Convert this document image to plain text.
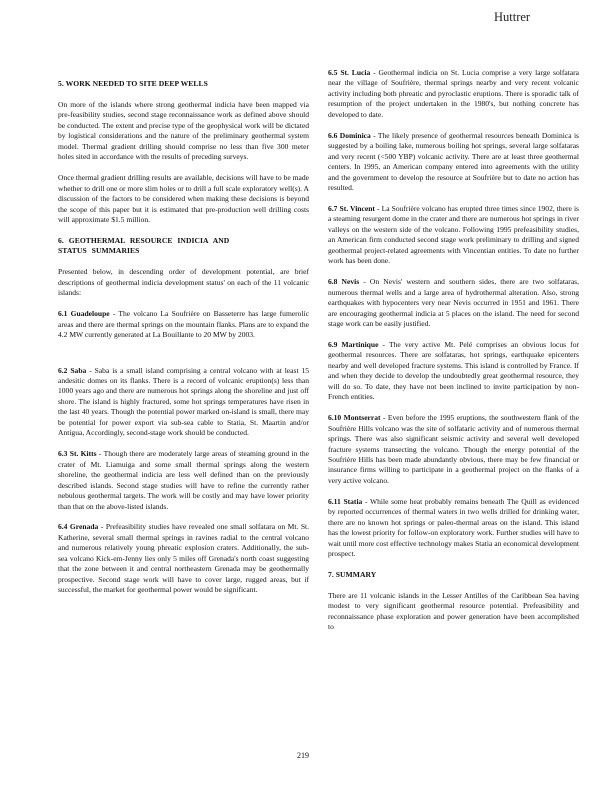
Huttrer
5. WORK NEEDED TO SITE DEEP WELLS

On more of the islands where strong geothermal indicia have been mapped via pre-feasibility studies, second stage reconnaissance work as defined above should be conducted. The extent and precise type of the geophysical work will be dictated by logistical considerations and the nature of the preliminary geothermal system model. Thermal gradient drilling should comprise no less than five 300 meter holes sited in accordance with the results of preceding surveys.

Once thermal gradient drilling results are available, decisions will have to be made whether to drill one or more slim holes or to drill a full scale exploratory well(s). A discussion of the factors to be considered when making these decisions is beyond the scope of this paper but it is estimated that pre-production well drilling costs will approximate $1.5 million.

6. GEOTHERMAL RESOURCE INDICIA AND
STATUS SUMMARIES

Presented below, in descending order of development potential, are brief descriptions of geothermal indicia development status' on each of the 11 volcanic islands:

6.1 Guadeloupe - The volcano La Soufrière on Basseterre has large fumerolic areas and there are thermal springs on the mountain flanks. Plans are to expand the 4.2 MW currently generated at La Bouillante to 20 MW by 2003.

6.2 Saba - Saba is a small island comprising a central volcano with at least 15 andesitic domes on its flanks. There is a record of volcanic eruption(s) less than 1000 years ago and there are numerous hot springs along the shoreline and just off shore. The island is highly fractured, some hot springs temperatures have risen in the last 40 years. Though the potential power marked on-island is small, there may be potential for power export via sub-sea cable to Statia, St. Maartin and/or Antigua, Accordingly, second-stage work should be conducted.

6.3 St. Kitts - Though there are moderately large areas of steaming ground in the crater of Mt. Liamuiga and some small thermal springs along the western shoreline, the geothermal indicia are less well defined than on the previously described islands. Second stage studies will have to refine the currently rather nebulous geothermal targets. The work will be costly and may have lower priority than that on the above-listed islands.

6.4 Grenada - Prefeasibility studies have revealed one small solfatara on Mt. St. Katherine, several small thermal springs in ravines radial to the central volcano and numerous relatively young phreatic explosion craters. Additionally, the sub-sea volcano Kick-em-Jenny lies only 5 miles off Grenada's north coast suggesting that the zone between it and central northeastern Grenada may be geothermally prospective. Second stage work will have to cover large, rugged areas, but if successful, the market for geothermal power would be significant.

6.5 St. Lucia - Geothermal indicia on St. Lucia comprise a very large solfatara near the village of Soufrière, thermal springs nearby and very recent volcanic activity including both phreatic and pyroclastic eruptions. There is sporadic talk of resumption of the project undertaken in the 1980's, but nothing concrete has developed to date.

6.6 Dominica - The likely presence of geothermal resources beneath Dominica is suggested by a boiling lake, numerous boiling hot springs, several large solfataras and very recent (<500 YBP) volcanic activity. There are at least three geothermal centers. In 1995, an American company entered into agreements with the utility and the government to develop the resource at Soufrière but to date no action has resulted.

6.7 St. Vincent - La Soufrière volcano has erupted three times since 1902, there is a steaming resurgent dome in the crater and there are numerous hot springs in river valleys on the western side of the volcano. Following 1995 prefeasibility studies, an American firm conducted second stage work preliminary to drilling and signed geothermal project-related agreements with Vincentian entities. To date no further work has been done.

6.8 Nevis - On Nevis' western and southern sides, there are two solfataras, numerous thermal wells and a large area of hydrothermal alteration. Also, strong earthquakes with hypocenters very near Nevis occurred in 1951 and 1961. There are encouraging geothermal indicia at 5 places on the island. The need for second stage work can be easily justified.

6.9 Martinique - The very active Mt. Pelé comprises an obvious locus for geothermal resources. There are solfataras, hot springs, earthquake epicenters nearby and well developed fracture systems. This island is controlled by France. If and when they decide to develop the undoubtedly great geothermal resource, they will do so. To date, they have not been inclined to invite participation by non-French entities.

6.10 Montserrat - Even before the 1995 eruptions, the southwestern flank of the Soufrière Hills volcano was the site of solfataric activity and of numerous thermal springs. There was also significant seismic activity and several well developed fracture systems transecting the volcano. Though the energy potential of the Soufrière Hills has been made abundantly obvious, there may be few financial or insurance firms willing to participate in a geothermal project on the flanks of a very active volcano.

6.11 Statia - While some heat probably remains beneath The Quill as evidenced by reported occurrences of thermal waters in two wells drilled for drinking water, there are no known hot springs or paleo-thermal areas on the island. This island has the lowest priority for follow-on exploratory work. Further studies will have to wait until more cost effective technology makes Statia an economical development prospect.

7. SUMMARY

There are 11 volcanic islands in the Lesser Antilles of the Caribbean Sea having modest to very significant geothermal resource potential. Prefeasibility and reconnaissance phase exploration and power generation have been accomplished to

219
